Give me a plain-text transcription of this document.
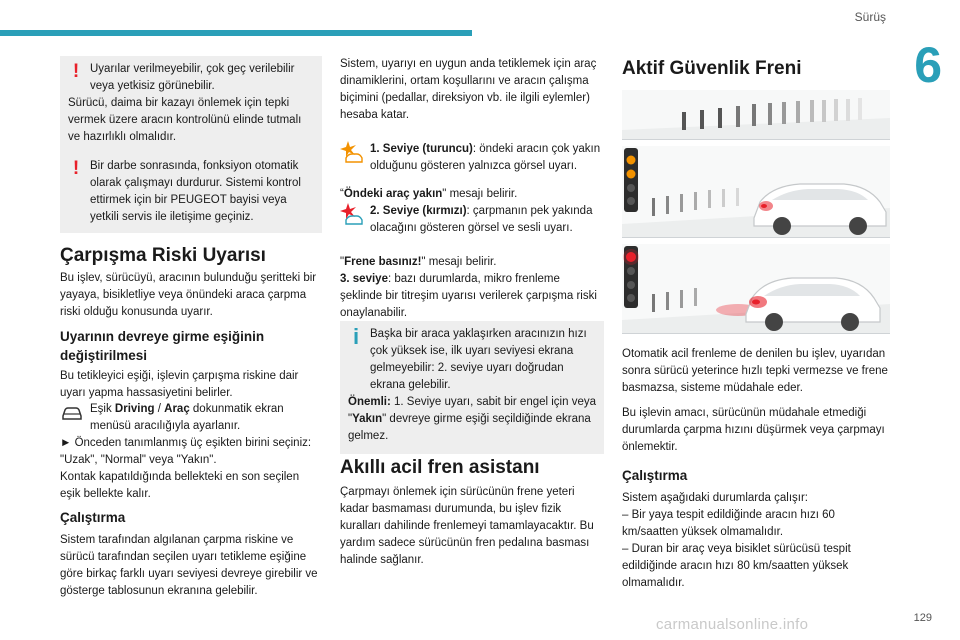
Sürüş
6
! Uyarılar verilmeyebilir, çok geç verilebilir veya yetkisiz görünebilir.

Sürücü, daima bir kazayı önlemek için tepki vermek üzere aracın kontrolünü elinde tutmalı ve hazırlıklı olmalıdır.

! Bir darbe sonrasında, fonksiyon otomatik olarak çalışmayı durdurur. Sistemi kontrol ettirmek için bir PEUGEOT bayisi veya yetkili servis ile iletişime geçiniz.

Çarpışma Riski Uyarısı

Bu işlev, sürücüyü, aracının bulunduğu şeritteki bir yayaya, bisikletliye veya önündeki araca çarpma riski olduğu konusunda uyarır.

Uyarının devreye girme eşiğinin değiştirilmesi

Bu tetikleyici eşiği, işlevin çarpışma riskine dair uyarı yapma hassasiyetini belirler.

Eşik Driving / Araç dokunmatik ekran menüsü aracılığıyla ayarlanır.

► Önceden tanımlanmış üç eşikten birini seçiniz: "Uzak", "Normal" veya "Yakın".

Kontak kapatıldığında bellekteki en son seçilen eşik bellekte kalır.

Çalıştırma

Sistem tarafından algılanan çarpma riskine ve sürücü tarafından seçilen uyarı tetikleme eşiğine göre birkaç farklı uyarı seviyesi devreye girebilir ve gösterge tablosunun ekranına gelebilir.

Sistem, uyarıyı en uygun anda tetiklemek için araç dinamiklerini, ortam koşullarını ve aracın çalışma biçimini (pedallar, direksiyon vb. ile ilgili eylemler) hesaba katar.

1. Seviye (turuncu): öndeki aracın çok yakın olduğunu gösteren yalnızca görsel uyarı.

“Öndeki araç yakın" mesajı belirir.

2. Seviye (kırmızı): çarpmanın pek yakında olacağını gösteren görsel ve sesli uyarı.

"Frene basınız!" mesajı belirir.

3. seviye: bazı durumlarda, mikro frenleme şeklinde bir titreşim uyarısı verilerek çarpışma riski onaylanabilir.

i Başka bir araca yaklaşırken aracınızın hızı çok yüksek ise, ilk uyarı seviyesi ekrana gelmeyebilir: 2. seviye uyarı doğrudan ekrana gelebilir.

Önemli: 1. Seviye uyarı, sabit bir engel için veya "Yakın" devreye girme eşiği seçildiğinde ekrana gelmez.

Akıllı acil fren asistanı

Çarpmayı önlemek için sürücünün frene yeteri kadar basmaması durumunda, bu işlev fizik kuralları dahilinde frenlemeyi tamamlayacaktır. Bu yardım sadece sürücünün fren pedalına basması halinde sağlanır.

Aktif Güvenlik Freni

Otomatik acil frenleme de denilen bu işlev, uyarıdan sonra sürücü yeterince hızlı tepki vermezse ve frene basmazsa, sisteme müdahale eder.

Bu işlevin amacı, sürücünün müdahale etmediği durumlarda çarpma hızını düşürmek veya çarpmayı önlemektir.

Çalıştırma

Sistem aşağıdaki durumlarda çalışır:

– Bir yaya tespit edildiğinde aracın hızı 60 km/saatten yüksek olmamalıdır.

– Duran bir araç veya bisiklet sürücüsü tespit edildiğinde aracın hızı 80 km/saatten yüksek olmamalıdır.

129
carmanualsonline.info
